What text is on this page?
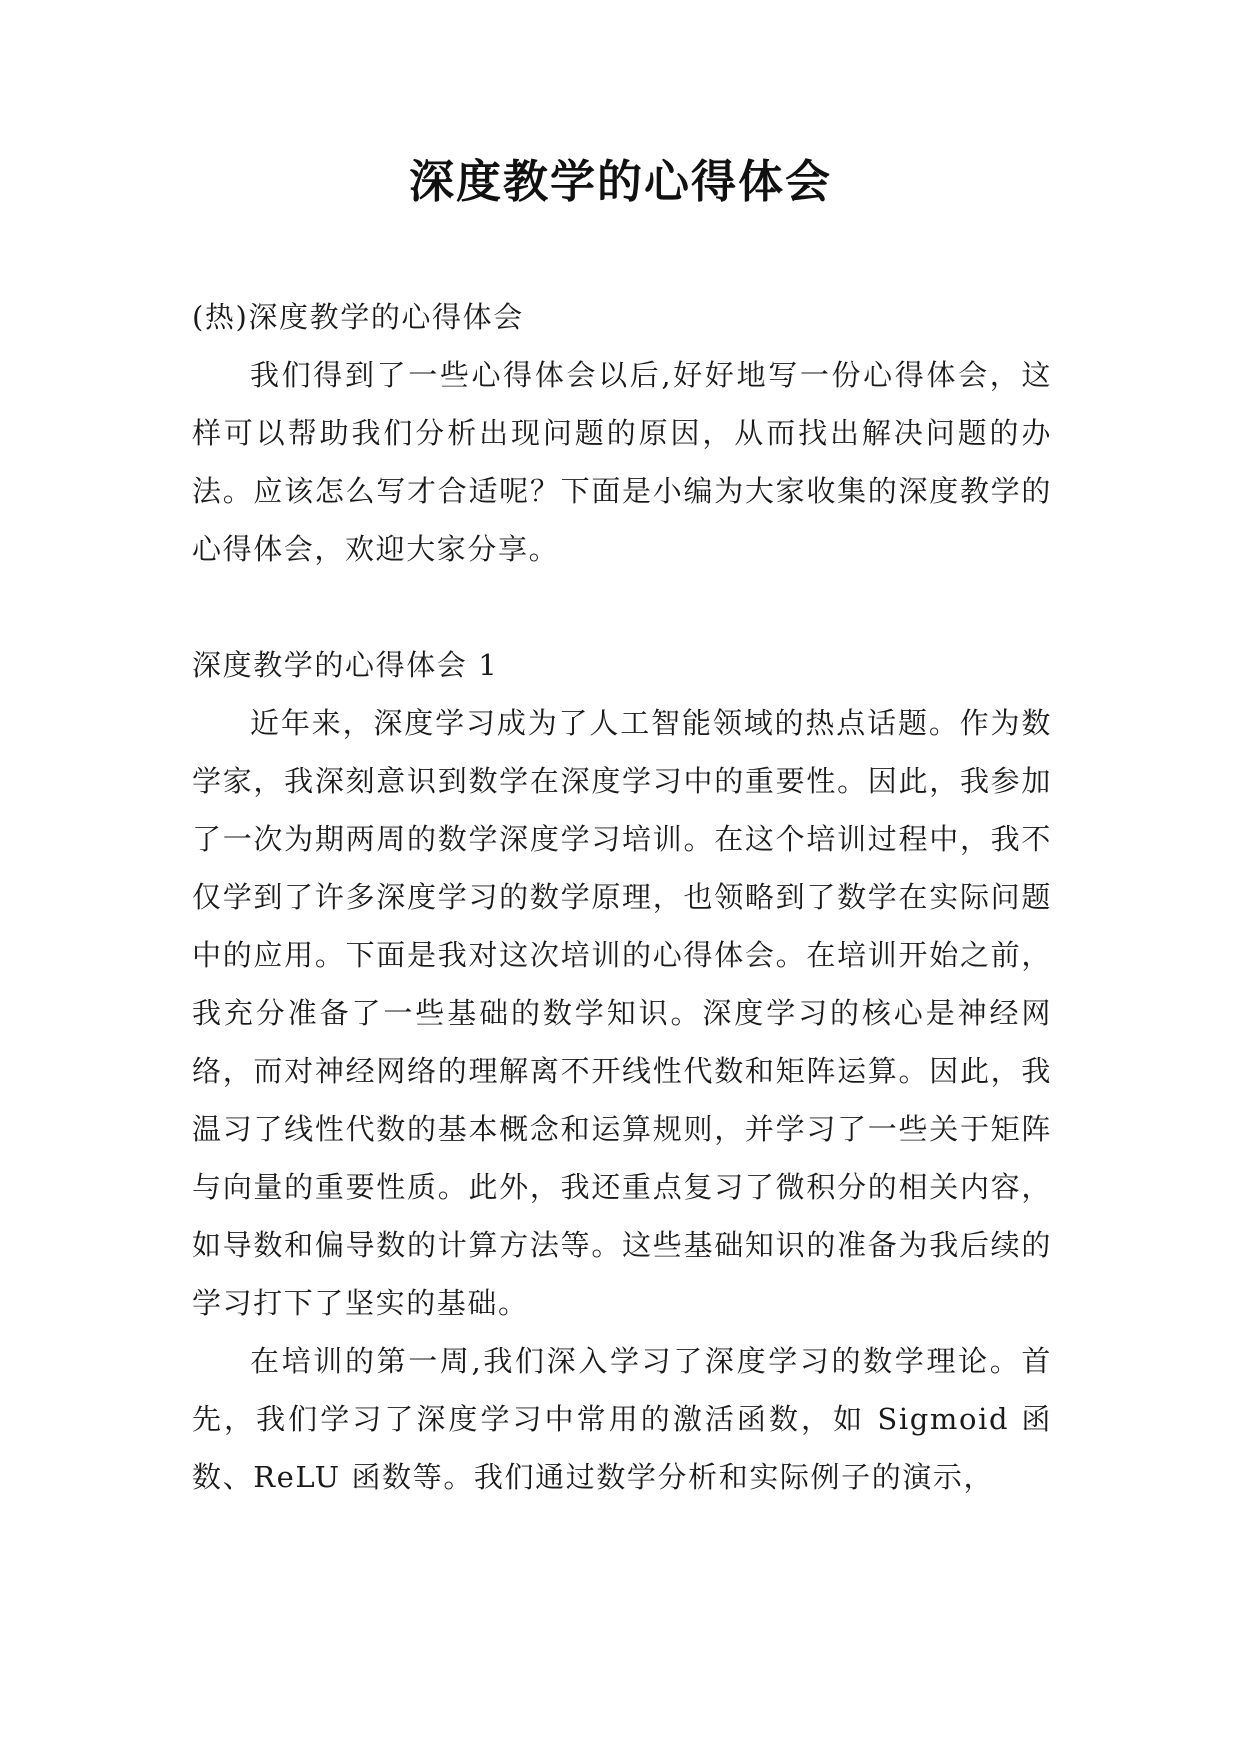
深度教学的心得体会

(热)深度教学的心得体会

我们得到了一些心得体会以后,好好地写一份心得体会，这样可以帮助我们分析出现问题的原因，从而找出解决问题的办法。应该怎么写才合适呢？下面是小编为大家收集的深度教学的心得体会，欢迎大家分享。

深度教学的心得体会 1

近年来，深度学习成为了人工智能领域的热点话题。作为数学家，我深刻意识到数学在深度学习中的重要性。因此，我参加了一次为期两周的数学深度学习培训。在这个培训过程中，我不仅学到了许多深度学习的数学原理，也领略到了数学在实际问题中的应用。下面是我对这次培训的心得体会。在培训开始之前，我充分准备了一些基础的数学知识。深度学习的核心是神经网络，而对神经网络的理解离不开线性代数和矩阵运算。因此，我温习了线性代数的基本概念和运算规则，并学习了一些关于矩阵与向量的重要性质。此外，我还重点复习了微积分的相关内容，如导数和偏导数的计算方法等。这些基础知识的准备为我后续的学习打下了坚实的基础。

在培训的第一周,我们深入学习了深度学习的数学理论。首先，我们学习了深度学习中常用的激活函数，如 Sigmoid 函数、ReLU 函数等。我们通过数学分析和实际例子的演示，
